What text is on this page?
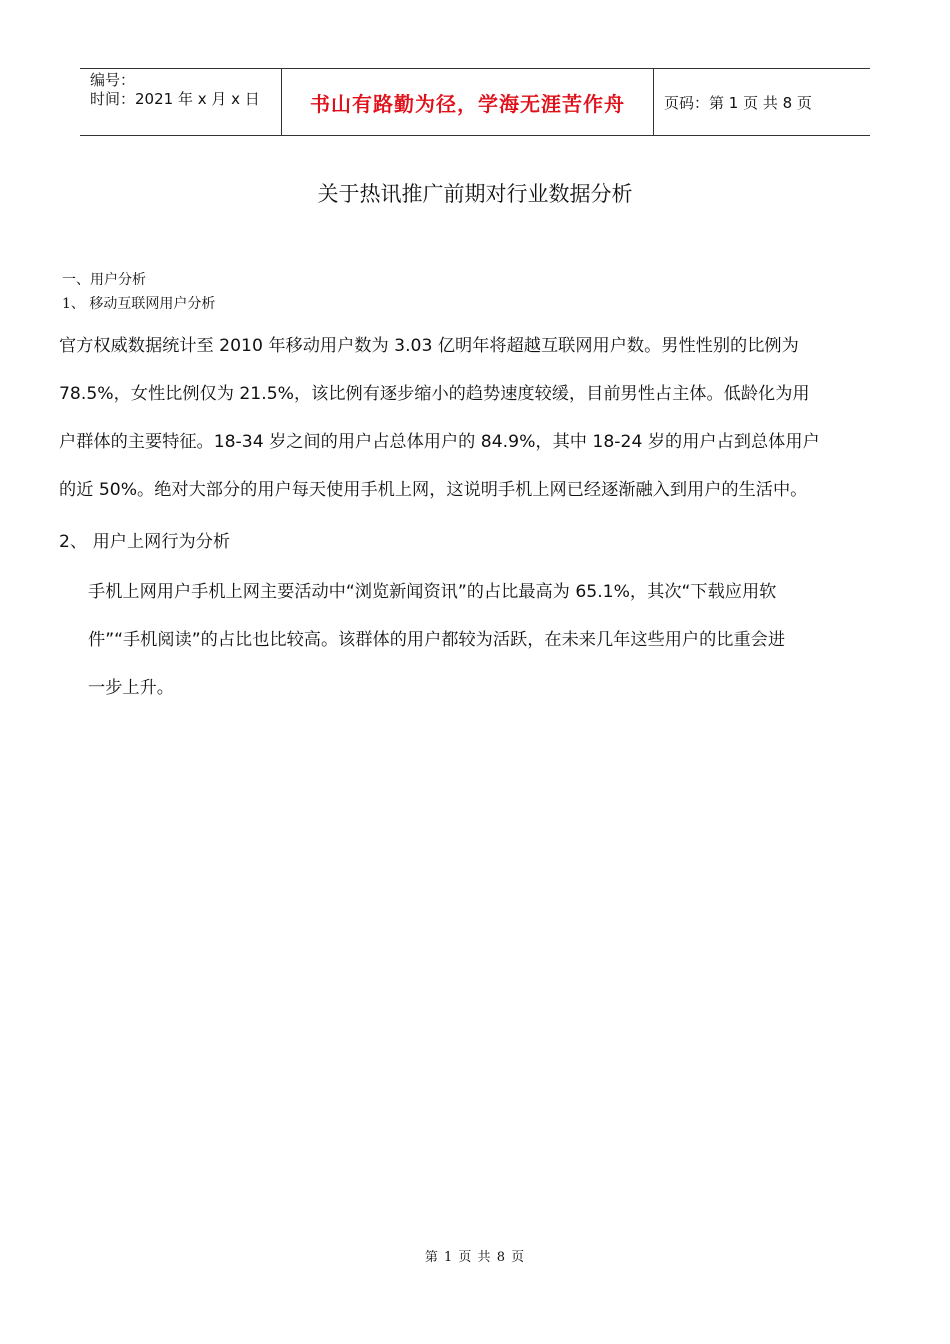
编号：
时间：2021 年 x 月 x 日	书山有路勤为径，学海无涯苦作舟	页码：第 1 页 共 8 页
关于热讯推广前期对行业数据分析
一、用户分析
1、 移动互联网用户分析
官方权威数据统计至 2010 年移动用户数为 3.03 亿明年将超越互联网用户数。男性性别的比例为
78.5%，女性比例仅为 21.5%，该比例有逐步缩小的趋势速度较缓，目前男性占主体。低龄化为用
户群体的主要特征。18-34 岁之间的用户占总体用户的 84.9%，其中 18-24 岁的用户占到总体用户
的近 50%。绝对大部分的用户每天使用手机上网，这说明手机上网已经逐渐融入到用户的生活中。
2、 用户上网行为分析
手机上网用户手机上网主要活动中“浏览新闻资讯”的占比最高为 65.1%，其次“下载应用软
件”“手机阅读”的占比也比较高。该群体的用户都较为活跃，在未来几年这些用户的比重会进
一步上升。
第 1 页 共 8 页
